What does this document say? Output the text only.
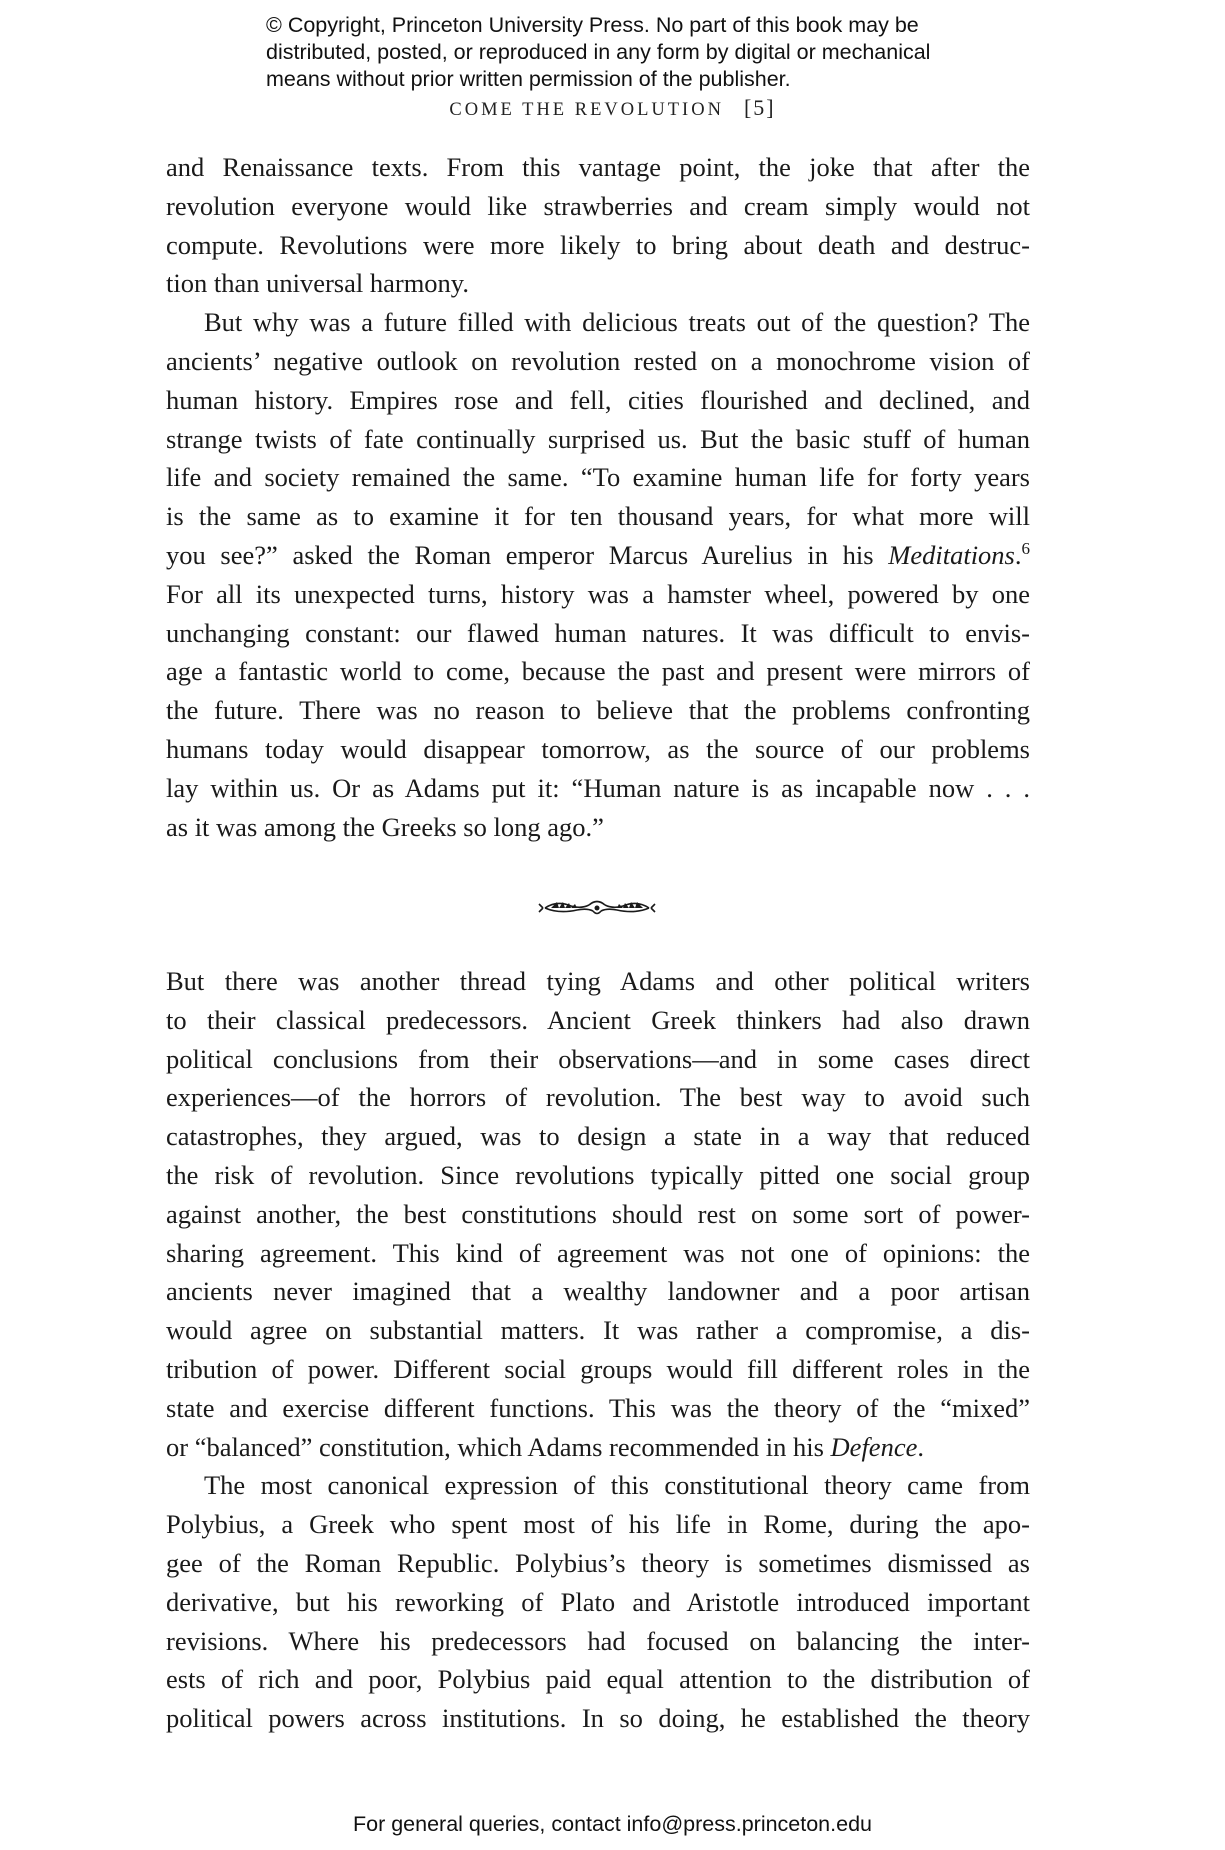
© Copyright, Princeton University Press. No part of this book may be
distributed, posted, or reproduced in any form by digital or mechanical
means without prior written permission of the publisher.
COME THE REVOLUTION [5]

and Renaissance texts. From this vantage point, the joke that after the
revolution everyone would like strawberries and cream simply would not
compute. Revolutions were more likely to bring about death and destruc-
tion than universal harmony.

But why was a future filled with delicious treats out of the question? The
ancients’ negative outlook on revolution rested on a monochrome vision of
human history. Empires rose and fell, cities flourished and declined, and
strange twists of fate continually surprised us. But the basic stuff of human
life and society remained the same. “To examine human life for forty years
is the same as to examine it for ten thousand years, for what more will
you see?” asked the Roman emperor Marcus Aurelius in his Meditations.$^6$
For all its unexpected turns, history was a hamster wheel, powered by one
unchanging constant: our flawed human natures. It was difficult to envis-
age a fantastic world to come, because the past and present were mirrors of
the future. There was no reason to believe that the problems confronting
humans today would disappear tomorrow, as the source of our problems
lay within us. Or as Adams put it: “Human nature is as incapable now . . .
as it was among the Greeks so long ago.”

But there was another thread tying Adams and other political writers
to their classical predecessors. Ancient Greek thinkers had also drawn
political conclusions from their observations—and in some cases direct
experiences—of the horrors of revolution. The best way to avoid such
catastrophes, they argued, was to design a state in a way that reduced
the risk of revolution. Since revolutions typically pitted one social group
against another, the best constitutions should rest on some sort of power-
sharing agreement. This kind of agreement was not one of opinions: the
ancients never imagined that a wealthy landowner and a poor artisan
would agree on substantial matters. It was rather a compromise, a dis-
tribution of power. Different social groups would fill different roles in the
state and exercise different functions. This was the theory of the “mixed”
or “balanced” constitution, which Adams recommended in his Defence.

The most canonical expression of this constitutional theory came from
Polybius, a Greek who spent most of his life in Rome, during the apo-
gee of the Roman Republic. Polybius’s theory is sometimes dismissed as
derivative, but his reworking of Plato and Aristotle introduced important
revisions. Where his predecessors had focused on balancing the inter-
ests of rich and poor, Polybius paid equal attention to the distribution of
political powers across institutions. In so doing, he established the theory

For general queries, contact info@press.princeton.edu
